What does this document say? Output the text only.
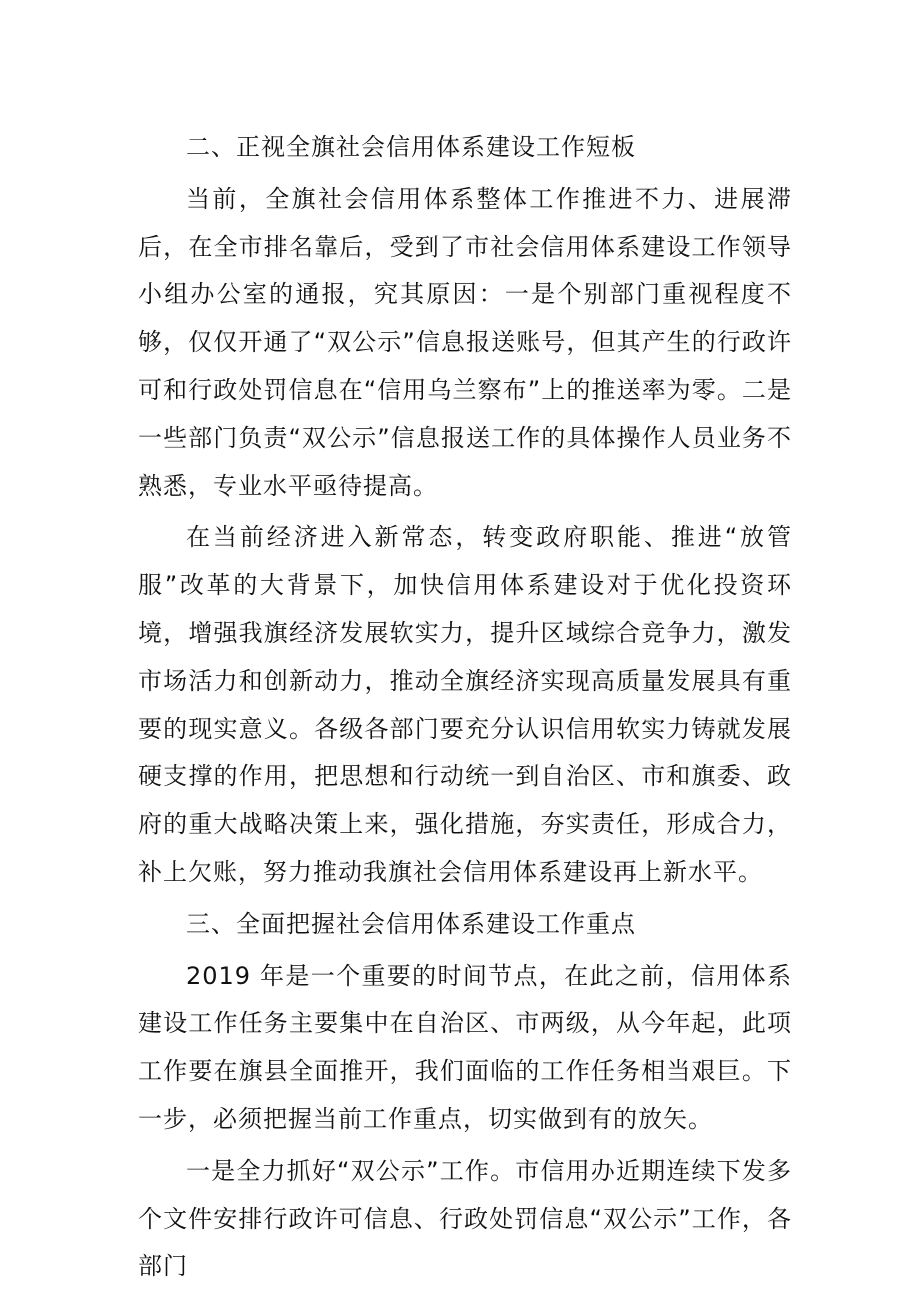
二、正视全旗社会信用体系建设工作短板

当前，全旗社会信用体系整体工作推进不力、进展滞后，在全市排名靠后，受到了市社会信用体系建设工作领导小组办公室的通报，究其原因：一是个别部门重视程度不够，仅仅开通了“双公示”信息报送账号，但其产生的行政许可和行政处罚信息在“信用乌兰察布”上的推送率为零。二是一些部门负责“双公示”信息报送工作的具体操作人员业务不熟悉，专业水平亟待提高。

在当前经济进入新常态，转变政府职能、推进“放管服”改革的大背景下，加快信用体系建设对于优化投资环境，增强我旗经济发展软实力，提升区域综合竞争力，激发市场活力和创新动力，推动全旗经济实现高质量发展具有重要的现实意义。各级各部门要充分认识信用软实力铸就发展硬支撑的作用，把思想和行动统一到自治区、市和旗委、政府的重大战略决策上来，强化措施，夯实责任，形成合力，补上欠账，努力推动我旗社会信用体系建设再上新水平。

三、全面把握社会信用体系建设工作重点

2019 年是一个重要的时间节点，在此之前，信用体系建设工作任务主要集中在自治区、市两级，从今年起，此项工作要在旗县全面推开，我们面临的工作任务相当艰巨。下一步，必须把握当前工作重点，切实做到有的放矢。

一是全力抓好“双公示”工作。市信用办近期连续下发多个文件安排行政许可信息、行政处罚信息“双公示”工作，各部门
